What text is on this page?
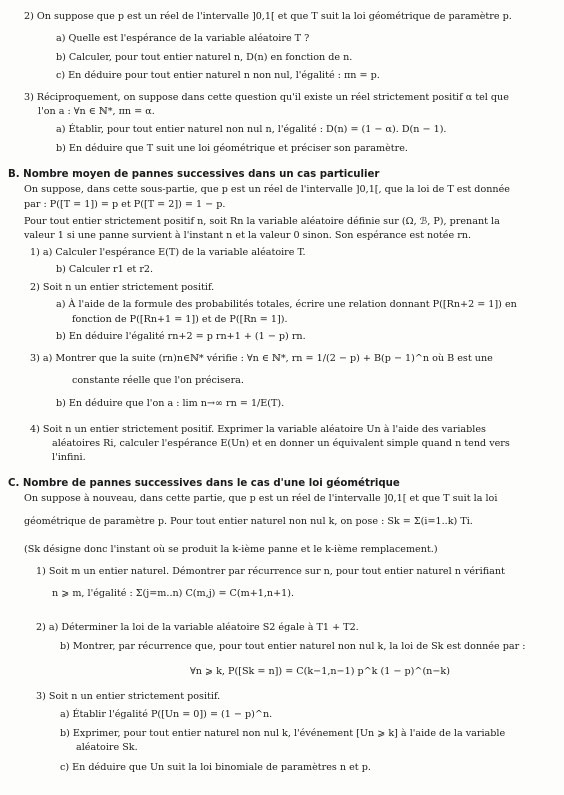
2) On suppose que p est un réel de l'intervalle ]0,1[ et que T suit la loi géométrique de paramètre p.
a) Quelle est l'espérance de la variable aléatoire T ?
b) Calculer, pour tout entier naturel n, D(n) en fonction de n.
c) En déduire pour tout entier naturel n non nul, l'égalité : πn = p.
3) Réciproquement, on suppose dans cette question qu'il existe un réel strictement positif α tel que
l'on a : ∀n ∈ ℕ*, πn = α.
a) Établir, pour tout entier naturel non nul n, l'égalité : D(n) = (1 − α). D(n − 1).
b) En déduire que T suit une loi géométrique et préciser son paramètre.
B. Nombre moyen de pannes successives dans un cas particulier
On suppose, dans cette sous-partie, que p est un réel de l'intervalle ]0,1[, que la loi de T est donnée
par : P([T = 1]) = p et P([T = 2]) = 1 − p.
Pour tout entier strictement positif n, soit Rn la variable aléatoire définie sur (Ω, ℬ, P), prenant la
valeur 1 si une panne survient à l'instant n et la valeur 0 sinon. Son espérance est notée rn.
1) a) Calculer l'espérance E(T) de la variable aléatoire T.
b) Calculer r1 et r2.
2) Soit n un entier strictement positif.
a) À l'aide de la formule des probabilités totales, écrire une relation donnant P([Rn+2 = 1]) en
fonction de P([Rn+1 = 1]) et de P([Rn = 1]).
b) En déduire l'égalité rn+2 = p rn+1 + (1 − p) rn.
3) a) Montrer que la suite (rn)n∈ℕ* vérifie : ∀n ∈ ℕ*, rn = 1/(2 − p) + B(p − 1)^n où B est une
constante réelle que l'on précisera.
b) En déduire que l'on a : lim n→∞ rn = 1/E(T).
4) Soit n un entier strictement positif. Exprimer la variable aléatoire Un à l'aide des variables
aléatoires Ri, calculer l'espérance E(Un) et en donner un équivalent simple quand n tend vers
l'infini.
C. Nombre de pannes successives dans le cas d'une loi géométrique
On suppose à nouveau, dans cette partie, que p est un réel de l'intervalle ]0,1[ et que T suit la loi
géométrique de paramètre p. Pour tout entier naturel non nul k, on pose : Sk = Σ(i=1..k) Ti.
(Sk désigne donc l'instant où se produit la k-ième panne et le k-ième remplacement.)
1) Soit m un entier naturel. Démontrer par récurrence sur n, pour tout entier naturel n vérifiant
n ⩾ m, l'égalité : Σ(j=m..n) C(m,j) = C(m+1,n+1).
2) a) Déterminer la loi de la variable aléatoire S2 égale à T1 + T2.
b) Montrer, par récurrence que, pour tout entier naturel non nul k, la loi de Sk est donnée par :
∀n ⩾ k, P([Sk = n]) = C(k−1,n−1) p^k (1 − p)^(n−k)
3) Soit n un entier strictement positif.
a) Établir l'égalité P([Un = 0]) = (1 − p)^n.
b) Exprimer, pour tout entier naturel non nul k, l'événement [Un ⩾ k] à l'aide de la variable
aléatoire Sk.
c) En déduire que Un suit la loi binomiale de paramètres n et p.
